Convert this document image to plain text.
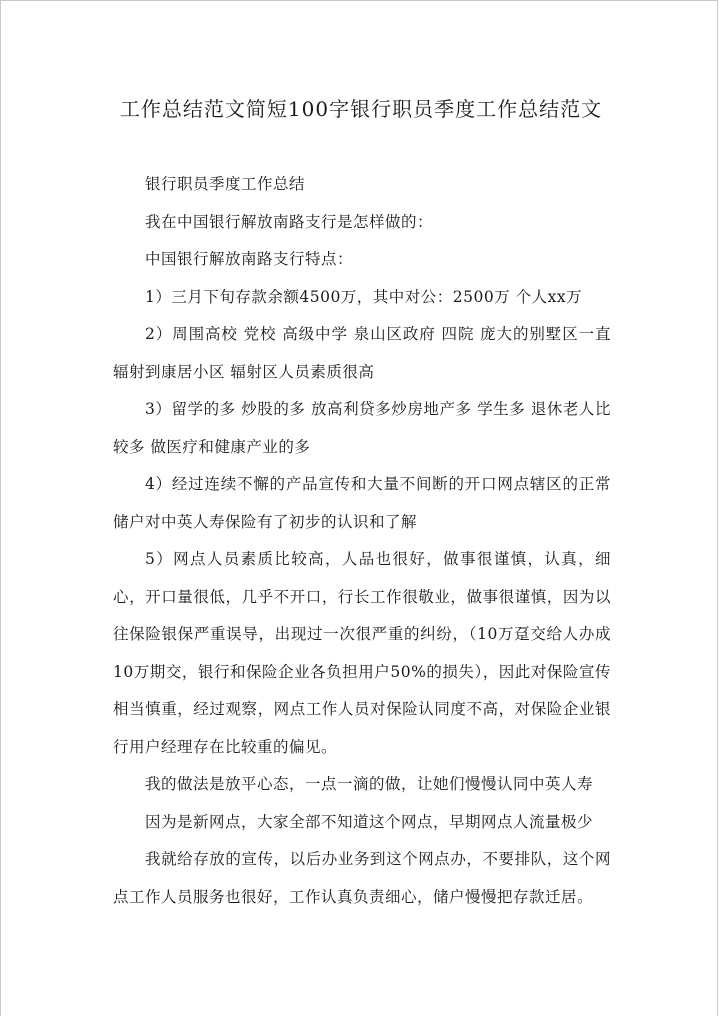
工作总结范文简短100字银行职员季度工作总结范文

银行职员季度工作总结

我在中国银行解放南路支行是怎样做的：

中国银行解放南路支行特点：

1）三月下旬存款余额4500万，其中对公：2500万 个人xx万

2）周围高校 党校 高级中学 泉山区政府 四院 庞大的别墅区一直辐射到康居小区 辐射区人员素质很高

3）留学的多 炒股的多 放高利贷多炒房地产多 学生多 退休老人比较多 做医疗和健康产业的多

4）经过连续不懈的产品宣传和大量不间断的开口网点辖区的正常储户对中英人寿保险有了初步的认识和了解

5）网点人员素质比较高，人品也很好，做事很谨慎，认真，细心，开口量很低，几乎不开口，行长工作很敬业，做事很谨慎，因为以往保险银保严重误导，出现过一次很严重的纠纷，（10万趸交给人办成10万期交，银行和保险企业各负担用户50%的损失），因此对保险宣传相当慎重，经过观察，网点工作人员对保险认同度不高，对保险企业银行用户经理存在比较重的偏见。

我的做法是放平心态，一点一滴的做，让她们慢慢认同中英人寿

因为是新网点，大家全部不知道这个网点，早期网点人流量极少

我就给存放的宣传，以后办业务到这个网点办，不要排队，这个网点工作人员服务也很好，工作认真负责细心，储户慢慢把存款迁居。
